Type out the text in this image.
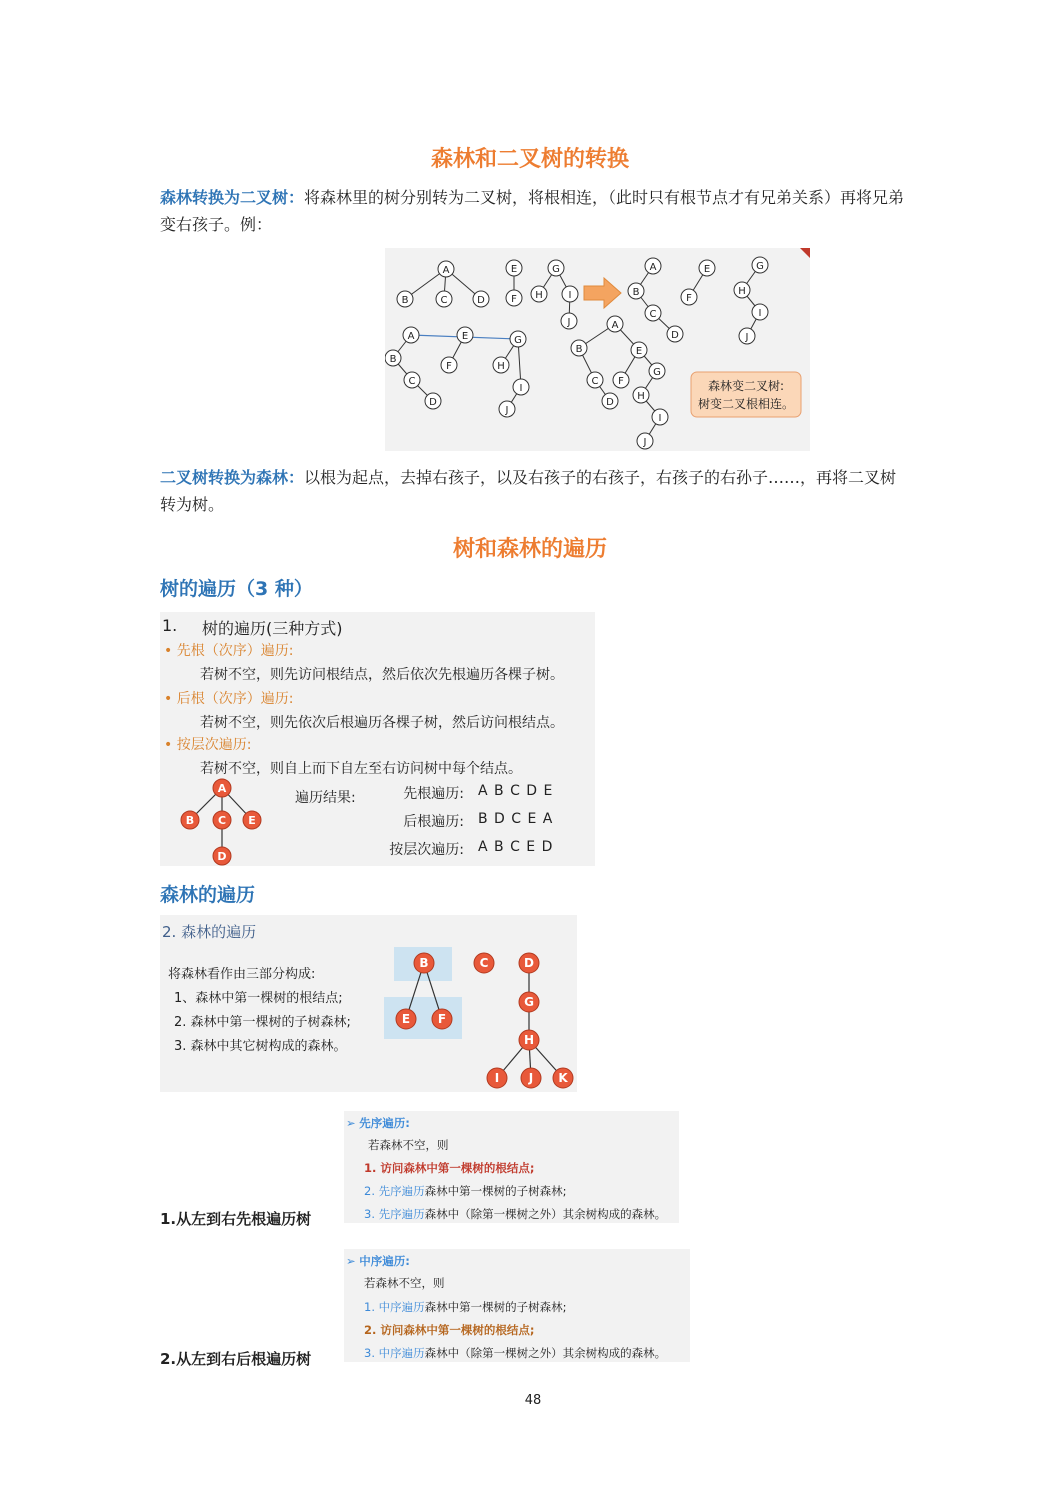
森林和二叉树的转换
森林转换为二叉树：将森林里的树分别转为二叉树，将根相连，（此时只有根节点才有兄弟关系）再将兄弟变右孩子。例：
A
B	C	D
E
F
G
H	I
J
A
B
C
D
E
F
G
H
I
J
A
B
C
D
E
F
G
H
I
J
A
B
C
D
E
F
G
H
I
J
森林变二叉树:
树变二叉根相连。
二叉树转换为森林：以根为起点，去掉右孩子，以及右孩子的右孩子，右孩子的右孙子……，再将二叉树转为树。
树和森林的遍历
树的遍历（3 种）
1. 树的遍历(三种方式)
• 先根（次序）遍历:
若树不空，则先访问根结点，然后依次先根遍历各棵子树。
• 后根（次序）遍历:
若树不空，则先依次后根遍历各棵子树，然后访问根结点。
• 按层次遍历:
若树不空，则自上而下自左至右访问树中每个结点。
A
B C E
D
遍历结果:	先根遍历: A B C D E
后根遍历: B D C E A
按层次遍历: A B C E D
森林的遍历
2. 森林的遍历
将森林看作由三部分构成:
1、森林中第一棵树的根结点;
2. 森林中第一棵树的子树森林;
3. 森林中其它树构成的森林。
B	C	D
E F
G
H
I J K
➢ 先序遍历:
若森林不空，则
1. 访问森林中第一棵树的根结点;
2. 先序遍历森林中第一棵树的子树森林;
3. 先序遍历森林中（除第一棵树之外）其余树构成的森林。
1.从左到右先根遍历树
➢ 中序遍历:
若森林不空，则
1. 中序遍历森林中第一棵树的子树森林;
2. 访问森林中第一棵树的根结点;
3. 中序遍历森林中（除第一棵树之外）其余树构成的森林。
2.从左到右后根遍历树
48
